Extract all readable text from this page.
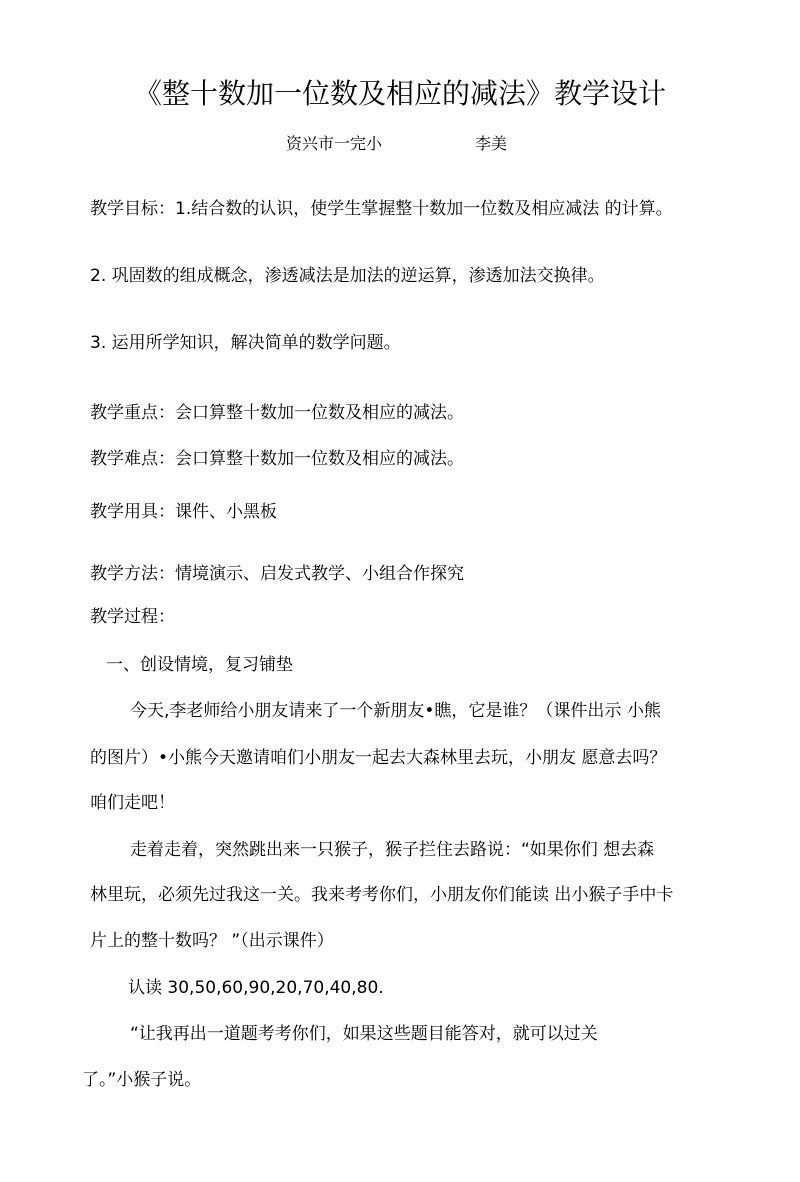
《整十数加一位数及相应的减法》教学设计
资兴市一完小	李美
教学目标：1.结合数的认识，使学生掌握整十数加一位数及相应减法 的计算。
2. 巩固数的组成概念，渗透减法是加法的逆运算，渗透加法交换律。
3. 运用所学知识，解决简单的数学问题。
教学重点：会口算整十数加一位数及相应的减法。
教学难点：会口算整十数加一位数及相应的减法。
教学用具：课件、小黑板
教学方法：情境演示、启发式教学、小组合作探究
教学过程：
一、创设情境，复习铺垫
今天,李老师给小朋友请来了一个新朋友•瞧，它是谁？（课件出示 小熊
的图片）•小熊今天邀请咱们小朋友一起去大森林里去玩，小朋友 愿意去吗？
咱们走吧！
走着走着，突然跳出来一只猴子，猴子拦住去路说：“如果你们 想去森
林里玩，必须先过我这一关。我来考考你们，小朋友你们能读 出小猴子手中卡
片上的整十数吗？ ”（出示课件）
认读 30,50,60,90,20,70,40,80.
“让我再出一道题考考你们，如果这些题目能答对，就可以过关
了。”小猴子说。
